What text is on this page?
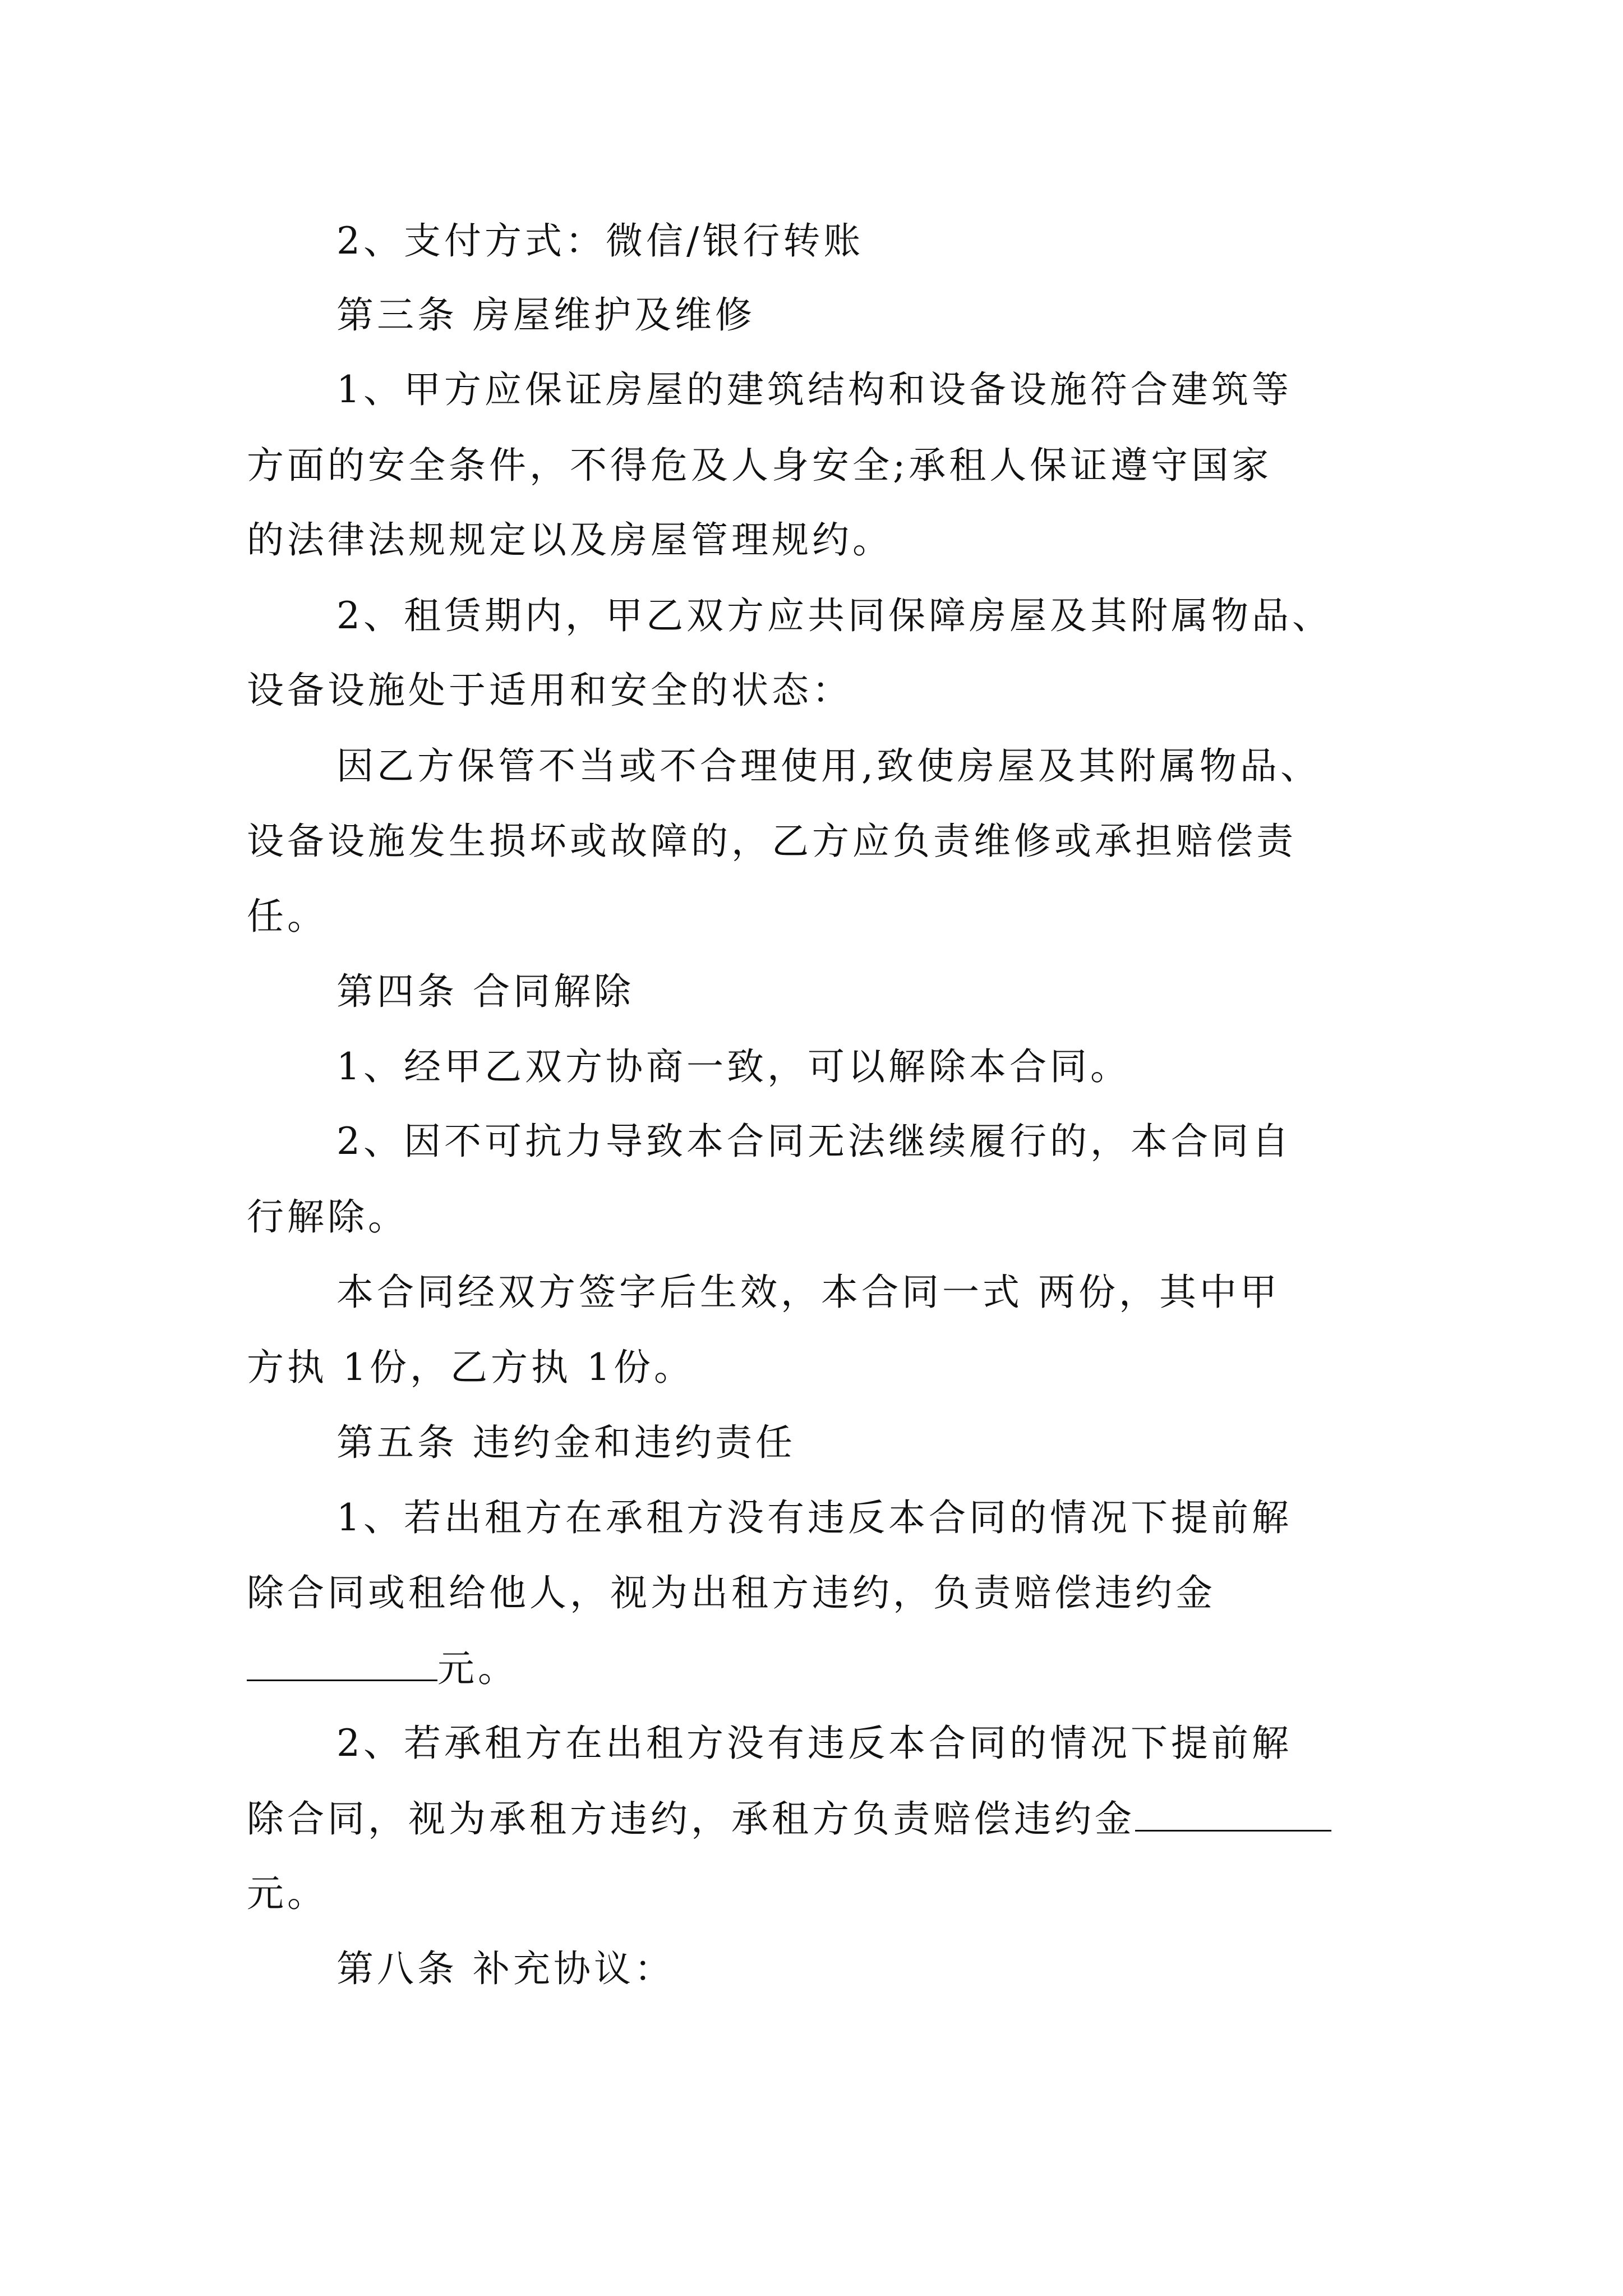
2、支付方式：微信/银行转账
第三条 房屋维护及维修
1、甲方应保证房屋的建筑结构和设备设施符合建筑等
方面的安全条件，不得危及人身安全;承租人保证遵守国家
的法律法规规定以及房屋管理规约。
2、租赁期内，甲乙双方应共同保障房屋及其附属物品、
设备设施处于适用和安全的状态：
因乙方保管不当或不合理使用,致使房屋及其附属物品、
设备设施发生损坏或故障的，乙方应负责维修或承担赔偿责
任。
第四条 合同解除
1、经甲乙双方协商一致，可以解除本合同。
2、因不可抗力导致本合同无法继续履行的，本合同自
行解除。
本合同经双方签字后生效，本合同一式 两份，其中甲
方执 1份，乙方执 1份。
第五条 违约金和违约责任
1、若出租方在承租方没有违反本合同的情况下提前解
除合同或租给他人，视为出租方违约，负责赔偿违约金
元。
2、若承租方在出租方没有违反本合同的情况下提前解
除合同，视为承租方违约，承租方负责赔偿违约金
元。
第八条 补充协议：
